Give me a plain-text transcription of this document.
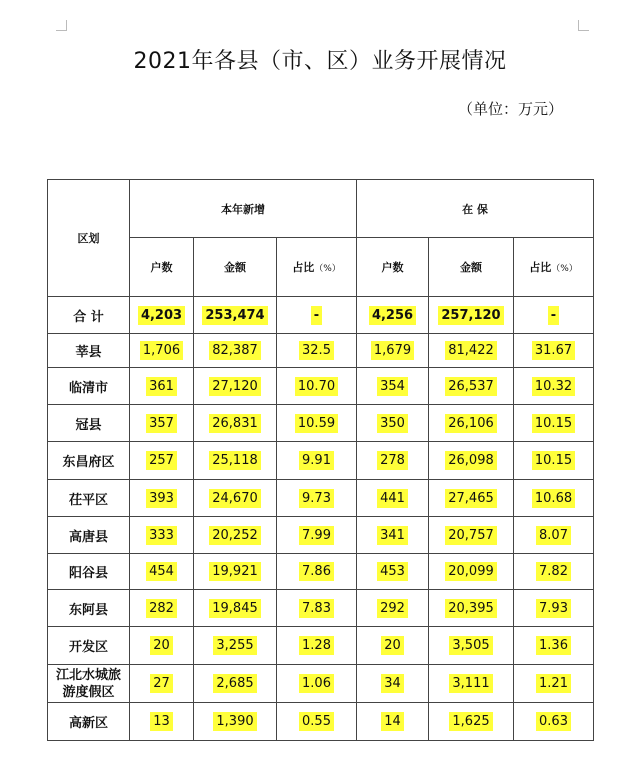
2021年各县（市、区）业务开展情况
（单位：万元）
区划	本年新增			在 保		
	户数	金额	占比（%）	户数	金额	占比（%）
合 计	4,203	253,474	-	4,256	257,120	-
莘县	1,706	82,387	32.5	1,679	81,422	31.67
临清市	361	27,120	10.70	354	26,537	10.32
冠县	357	26,831	10.59	350	26,106	10.15
东昌府区	257	25,118	9.91	278	26,098	10.15
茌平区	393	24,670	9.73	441	27,465	10.68
高唐县	333	20,252	7.99	341	20,757	8.07
阳谷县	454	19,921	7.86	453	20,099	7.82
东阿县	282	19,845	7.83	292	20,395	7.93
开发区	20	3,255	1.28	20	3,505	1.36
江北水城旅
游度假区	27	2,685	1.06	34	3,111	1.21
高新区	13	1,390	0.55	14	1,625	0.63
